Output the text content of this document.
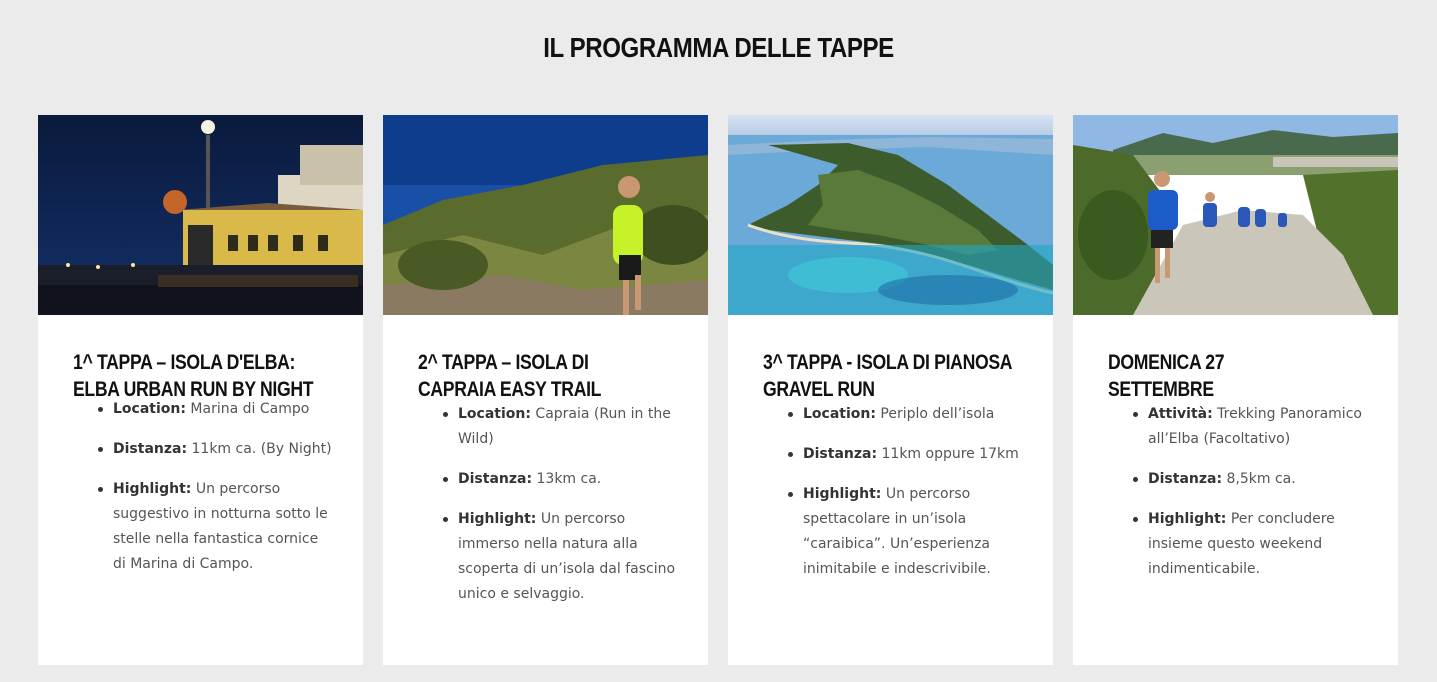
IL PROGRAMMA DELLE TAPPE
1^ TAPPA – ISOLA D'ELBA: ELBA URBAN RUN BY NIGHT
Location: Marina di Campo
Distanza: 11km ca. (By Night)
Highlight: Un percorso suggestivo in notturna sotto le stelle nella fantastica cornice di Marina di Campo.
2^ TAPPA – ISOLA DI CAPRAIA EASY TRAIL
Location: Capraia (Run in the Wild)
Distanza: 13km ca.
Highlight: Un percorso immerso nella natura alla scoperta di un’isola dal fascino unico e selvaggio.
3^ TAPPA - ISOLA DI PIANOSA GRAVEL RUN
Location: Periplo dell’isola
Distanza: 11km oppure 17km
Highlight: Un percorso spettacolare in un’isola “caraibica”. Un’esperienza inimitabile e indescrivibile.
DOMENICA 27 SETTEMBRE
Attività: Trekking Panoramico all’Elba (Facoltativo)
Distanza: 8,5km ca.
Highlight: Per concludere insieme questo weekend indimenticabile.
